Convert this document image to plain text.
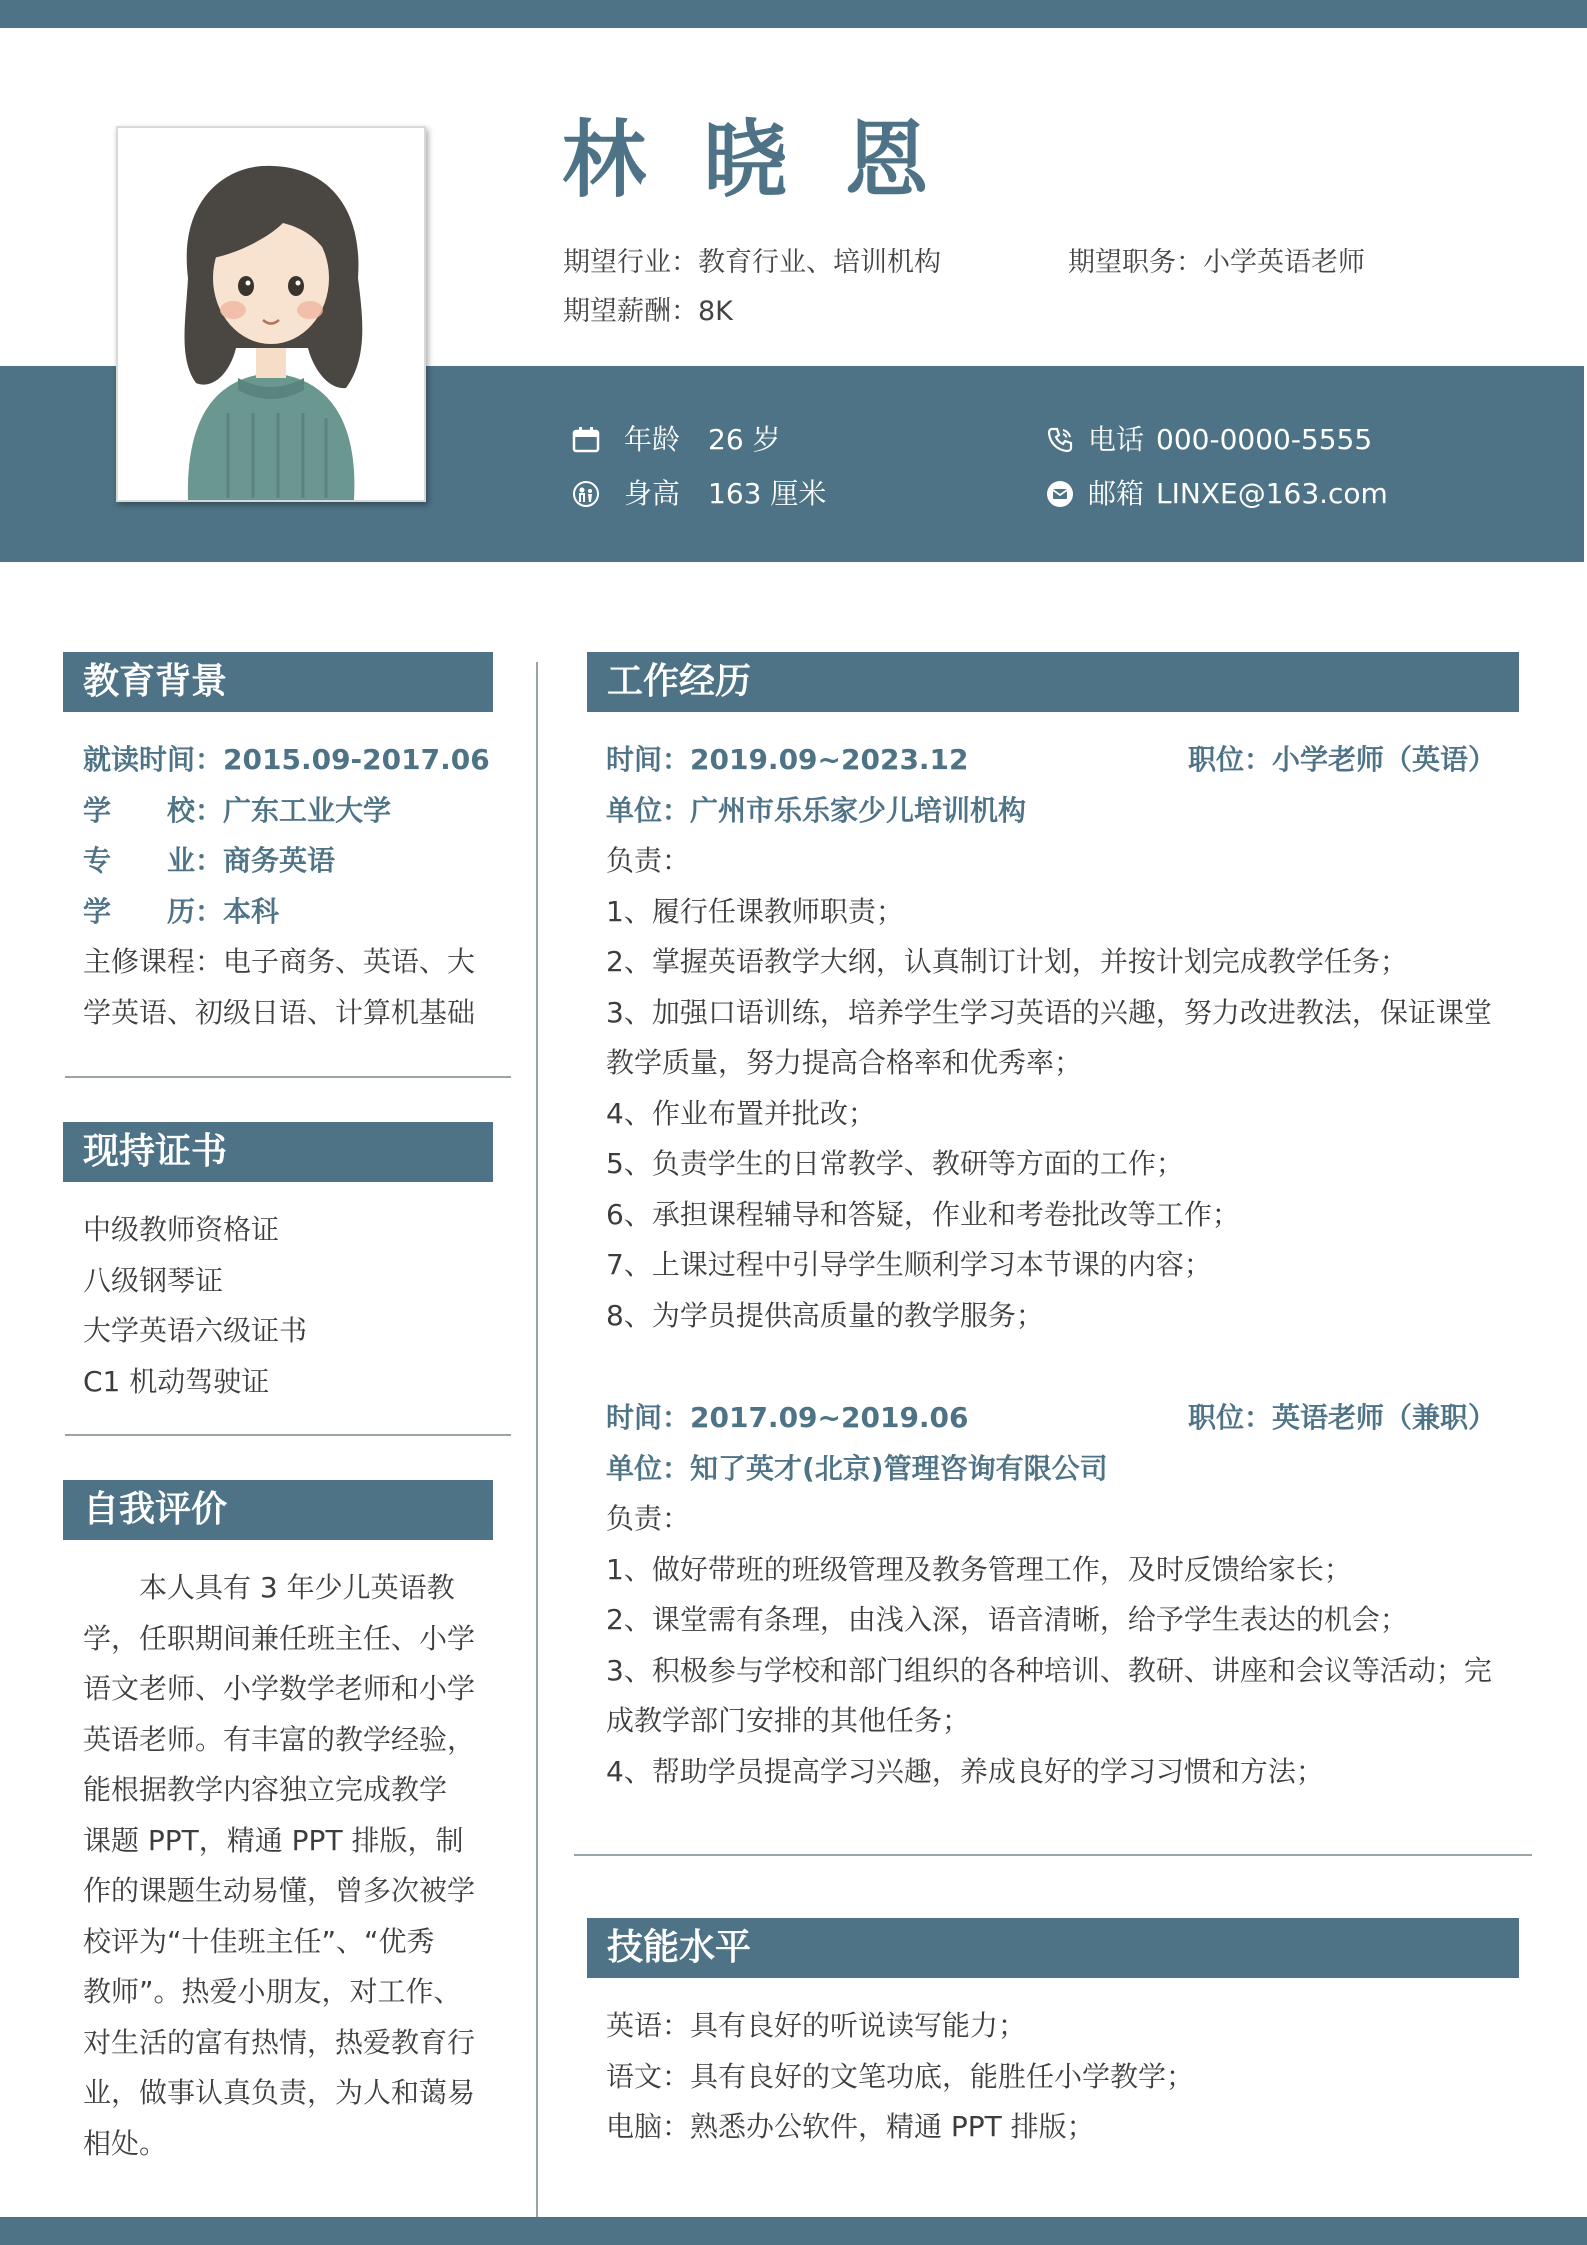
林 晓 恩
期望行业：教育行业、培训机构	期望职务：小学英语老师
期望薪酬：8K
年龄 26 岁
身高 163 厘米
电话 000-0000-5555
邮箱 LINXE@163.com
教育背景
就读时间：2015.09-2017.06
学　　校：广东工业大学
专　　业：商务英语
学　　历：本科
主修课程：电子商务、英语、大
学英语、初级日语、计算机基础
现持证书
中级教师资格证
八级钢琴证
大学英语六级证书
C1 机动驾驶证
自我评价
本人具有 3 年少儿英语教
学，任职期间兼任班主任、小学
语文老师、小学数学老师和小学
英语老师。有丰富的教学经验，
能根据教学内容独立完成教学
课题 PPT，精通 PPT 排版，制
作的课题生动易懂，曾多次被学
校评为“十佳班主任”、“优秀
教师”。热爱小朋友，对工作、
对生活的富有热情，热爱教育行
业，做事认真负责，为人和蔼易
相处。
工作经历
时间：2019.09~2023.12	职位：小学老师（英语）
单位：广州市乐乐家少儿培训机构
负责：
1、履行任课教师职责；
2、掌握英语教学大纲，认真制订计划，并按计划完成教学任务；
3、加强口语训练，培养学生学习英语的兴趣，努力改进教法，保证课堂
教学质量，努力提高合格率和优秀率；
4、作业布置并批改；
5、负责学生的日常教学、教研等方面的工作；
6、承担课程辅导和答疑，作业和考卷批改等工作；
7、上课过程中引导学生顺利学习本节课的内容；
8、为学员提供高质量的教学服务；
时间：2017.09~2019.06	职位：英语老师（兼职）
单位：知了英才(北京)管理咨询有限公司
负责：
1、做好带班的班级管理及教务管理工作，及时反馈给家长；
2、课堂需有条理，由浅入深，语音清晰，给予学生表达的机会；
3、积极参与学校和部门组织的各种培训、教研、讲座和会议等活动；完
成教学部门安排的其他任务；
4、帮助学员提高学习兴趣，养成良好的学习习惯和方法；
技能水平
英语：具有良好的听说读写能力；
语文：具有良好的文笔功底，能胜任小学教学；
电脑：熟悉办公软件，精通 PPT 排版；
